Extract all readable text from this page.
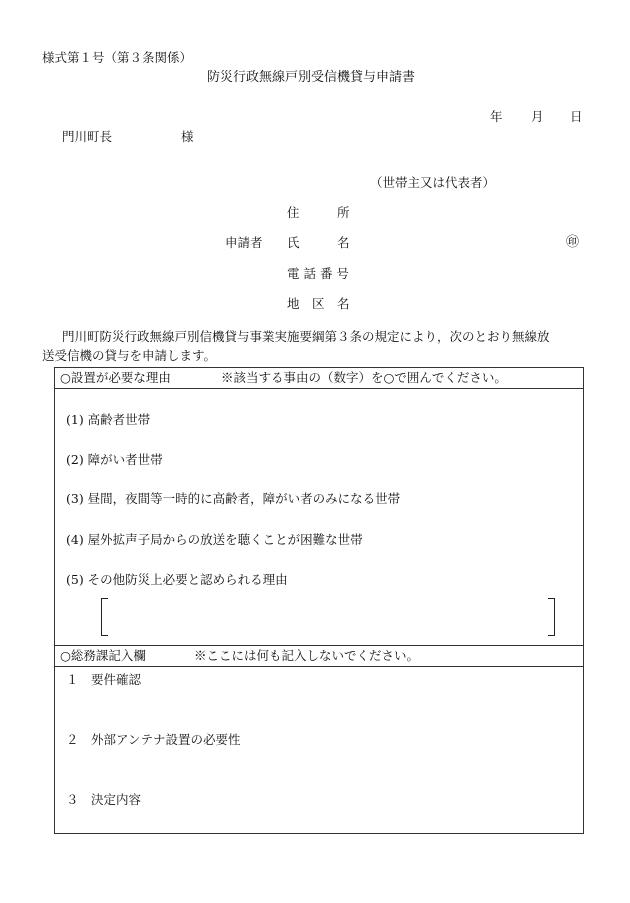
様式第１号（第３条関係）
防災行政無線戸別受信機貸与申請書
年 月 日
門川町長	様
（世帯主又は代表者）
住　　　所
申請者 氏　　　名	㊞
電 話 番 号
地　区　名
門川町防災行政無線戸別信機貸与事業実施要綱第３条の規定により，次のとおり無線放
送受信機の貸与を申請します。
○設置が必要な理由	※該当する事由の（数字）を○で囲んでください。
(1) 高齢者世帯
(2) 障がい者世帯
(3) 昼間，夜間等一時的に高齢者，障がい者のみになる世帯
(4) 屋外拡声子局からの放送を聴くことが困難な世帯
(5) その他防災上必要と認められる理由
○総務課記入欄	※ここには何も記入しないでください。
１　要件確認
２　外部アンテナ設置の必要性
３　決定内容
